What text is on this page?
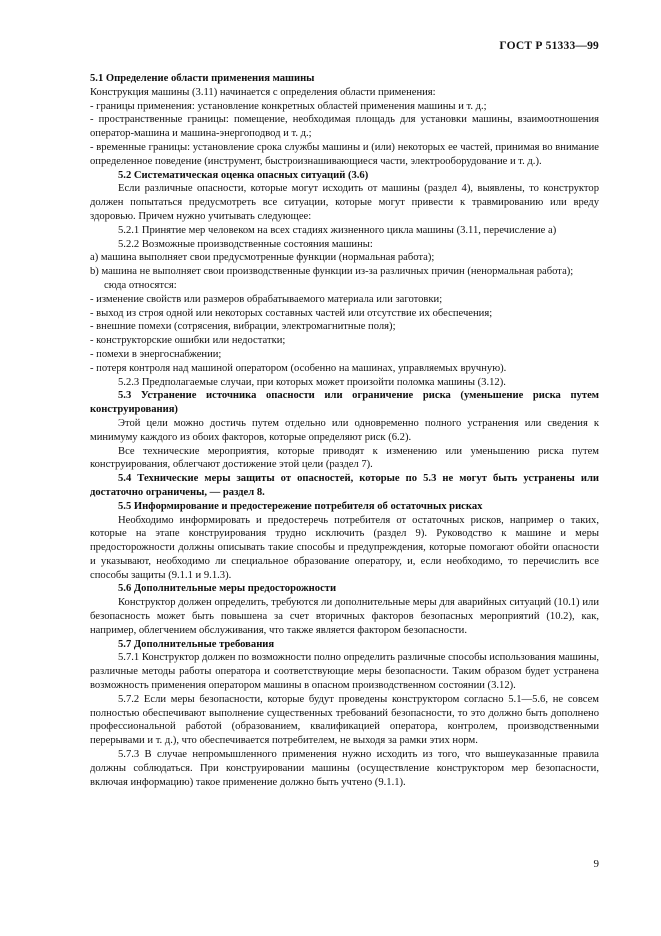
ГОСТ Р 51333—99

5.1 Определение области применения машины

Конструкция машины (3.11) начинается с определения области применения:

- границы применения: установление конкретных областей применения машины и т. д.;

- пространственные границы: помещение, необходимая площадь для установки машины, взаимоотношения оператор-машина и машина-энергоподвод и т. д.;

- временные границы: установление срока службы машины и (или) некоторых ее частей, принимая во внимание определенное поведение (инструмент, быстроизнашивающиеся части, электрооборудование и т. д.).

5.2 Систематическая оценка опасных ситуаций (3.6)

Если различные опасности, которые могут исходить от машины (раздел 4), выявлены, то конструктор должен попытаться предусмотреть все ситуации, которые могут привести к травмированию или вреду здоровью. Причем нужно учитывать следующее:

5.2.1 Принятие мер человеком на всех стадиях жизненного цикла машины (3.11, перечисление а)

5.2.2 Возможные производственные состояния машины:

а) машина выполняет свои предусмотренные функции (нормальная работа);

b) машина не выполняет свои производственные функции из-за различных причин (ненормальная работа);

сюда относятся:

- изменение свойств или размеров обрабатываемого материала или заготовки;

- выход из строя одной или некоторых составных частей или отсутствие их обеспечения;

- внешние помехи (сотрясения, вибрации, электромагнитные поля);

- конструкторские ошибки или недостатки;

- помехи в энергоснабжении;

- потеря контроля над машиной оператором (особенно на машинах, управляемых вручную).

5.2.3 Предполагаемые случаи, при которых может произойти поломка машины (3.12).

5.3 Устранение источника опасности или ограничение риска (уменьшение риска путем конструирования)

Этой цели можно достичь путем отдельно или одновременно полного устранения или сведения к минимуму каждого из обоих факторов, которые определяют риск (6.2).

Все технические мероприятия, которые приводят к изменению или уменьшению риска путем конструирования, облегчают достижение этой цели (раздел 7).

5.4 Технические меры защиты от опасностей, которые по 5.3 не могут быть устранены или достаточно ограничены, — раздел 8.

5.5 Информирование и предостережение потребителя об остаточных рисках

Необходимо информировать и предостеречь потребителя от остаточных рисков, например о таких, которые на этапе конструирования трудно исключить (раздел 9). Руководство к машине и меры предосторожности должны описывать такие способы и предупреждения, которые помогают обойти опасности и указывают, необходимо ли специальное образование оператору, и, если необходимо, то перечислить все способы защиты (9.1.1 и 9.1.3).

5.6 Дополнительные меры предосторожности

Конструктор должен определить, требуются ли дополнительные меры для аварийных ситуаций (10.1) или безопасность может быть повышена за счет вторичных факторов безопасных мероприятий (10.2), как, например, облегчением обслуживания, что также является фактором безопасности.

5.7 Дополнительные требования

5.7.1 Конструктор должен по возможности полно определить различные способы использования машины, различные методы работы оператора и соответствующие меры безопасности. Таким образом будет устранена возможность применения оператором машины в опасном производственном состоянии (3.12).

5.7.2 Если меры безопасности, которые будут проведены конструктором согласно 5.1—5.6, не совсем полностью обеспечивают выполнение существенных требований безопасности, то это должно быть дополнено профессиональной работой (образованием, квалификацией оператора, контролем, производственными перерывами и т. д.), что обеспечивается потребителем, не выходя за рамки этих норм.

5.7.3 В случае непромышленного применения нужно исходить из того, что вышеуказанные правила должны соблюдаться. При конструировании машины (осуществление конструктором мер безопасности, включая информацию) такое применение должно быть учтено (9.1.1).

9
